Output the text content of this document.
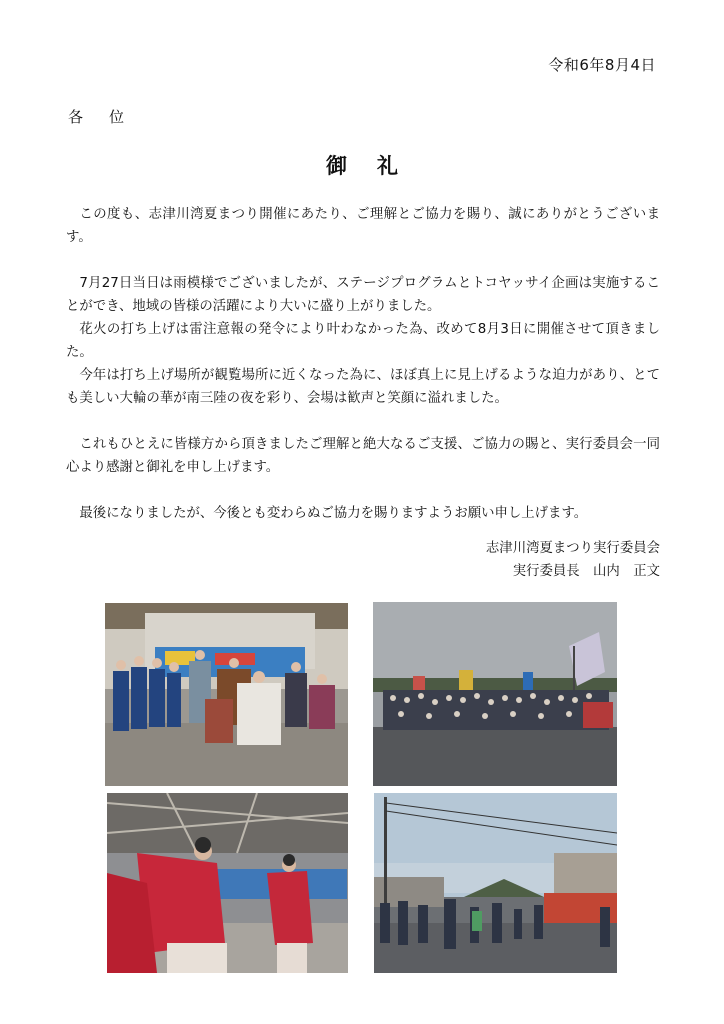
令和6年8月4日
各位
御礼

この度も、志津川湾夏まつり開催にあたり、ご理解とご協力を賜り、誠にありがとうございます。

7月27日当日は雨模様でございましたが、ステージプログラムとトコヤッサイ企画は実施することができ、地域の皆様の活躍により大いに盛り上がりました。

花火の打ち上げは雷注意報の発令により叶わなかった為、改めて8月3日に開催させて頂きました。

今年は打ち上げ場所が観覧場所に近くなった為に、ほぼ真上に見上げるような迫力があり、とても美しい大輪の華が南三陸の夜を彩り、会場は歓声と笑顔に溢れました。

これもひとえに皆様方から頂きましたご理解と絶大なるご支援、ご協力の賜と、実行委員会一同心より感謝と御礼を申し上げます。

最後になりましたが、今後とも変わらぬご協力を賜りますようお願い申し上げます。

志津川湾夏まつり実行委員会
実行委員長　山内　正文
